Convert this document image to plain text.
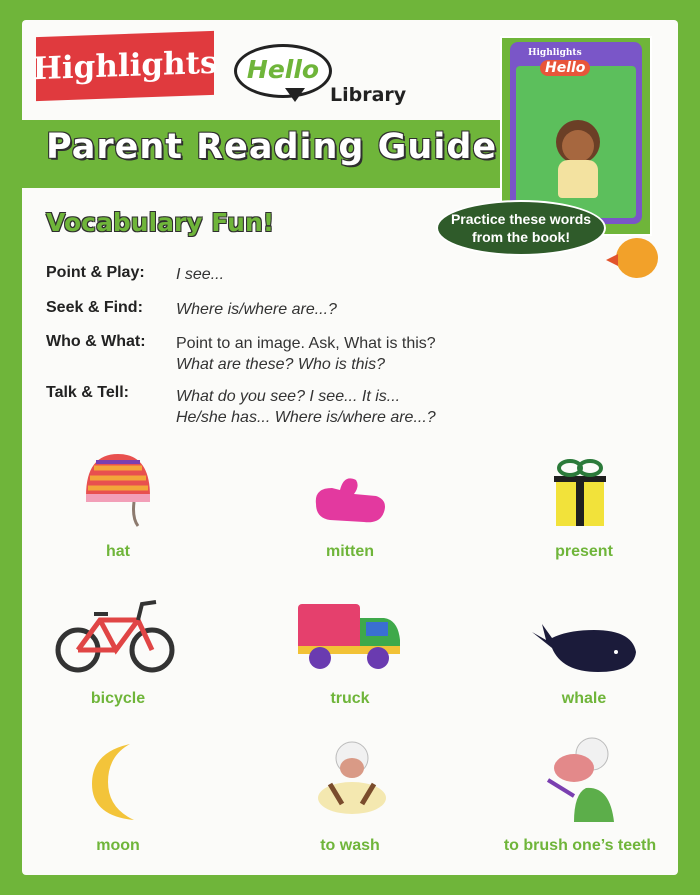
Highlights	Hello
Library
Parent Reading Guide
Highlights
Hello
Practice these words
from the book!
Vocabulary Fun!
Point & Play: I see...
Seek & Find: Where is/where are...?
Who & What: Point to an image. Ask, What is this?
What are these? Who is this?
Talk & Tell:	What do you see? I see... It is...
He/she has... Where is/where are...?
hat	mitten	present
bicycle	truck	whale
moon	to wash	to brush one’s teeth
